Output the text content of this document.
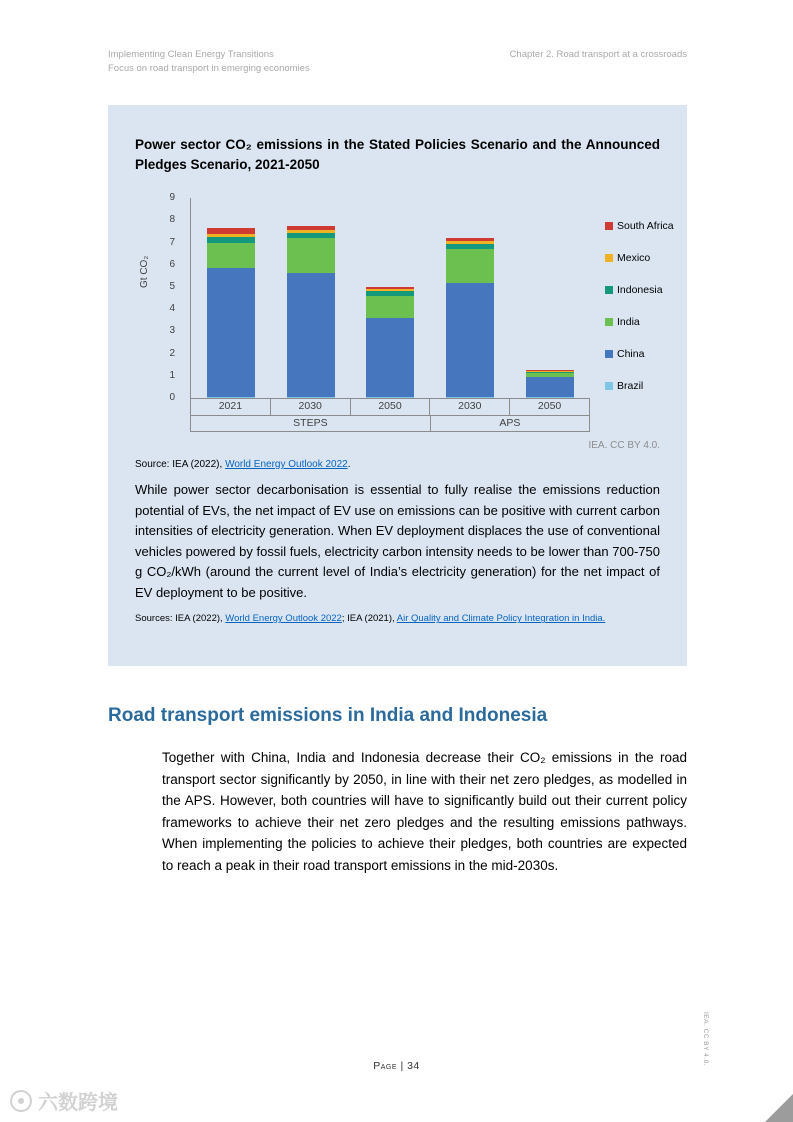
Implementing Clean Energy Transitions
Focus on road transport in emerging economies
Chapter 2. Road transport at a crossroads
Power sector CO₂ emissions in the Stated Policies Scenario and the Announced Pledges Scenario, 2021-2050
Gt CO₂
0
1
2
3
4
5
6
7
8
9
2021	2030	2050	2030	2050
STEPS	APS
South Africa
Mexico
Indonesia
India
China
Brazil
IEA. CC BY 4.0.
Source: IEA (2022), World Energy Outlook 2022.
While power sector decarbonisation is essential to fully realise the emissions reduction potential of EVs, the net impact of EV use on emissions can be positive with current carbon intensities of electricity generation. When EV deployment displaces the use of conventional vehicles powered by fossil fuels, electricity carbon intensity needs to be lower than 700-750 g CO₂/kWh (around the current level of India’s electricity generation) for the net impact of EV deployment to be positive.
Sources: IEA (2022), World Energy Outlook 2022; IEA (2021), Air Quality and Climate Policy Integration in India.
Road transport emissions in India and Indonesia
Together with China, India and Indonesia decrease their CO₂ emissions in the road transport sector significantly by 2050, in line with their net zero pledges, as modelled in the APS. However, both countries will have to significantly build out their current policy frameworks to achieve their net zero pledges and the resulting emissions pathways. When implementing the policies to achieve their pledges, both countries are expected to reach a peak in their road transport emissions in the mid-2030s.
Page | 34
IEA. CC BY 4.0.
六数跨境
